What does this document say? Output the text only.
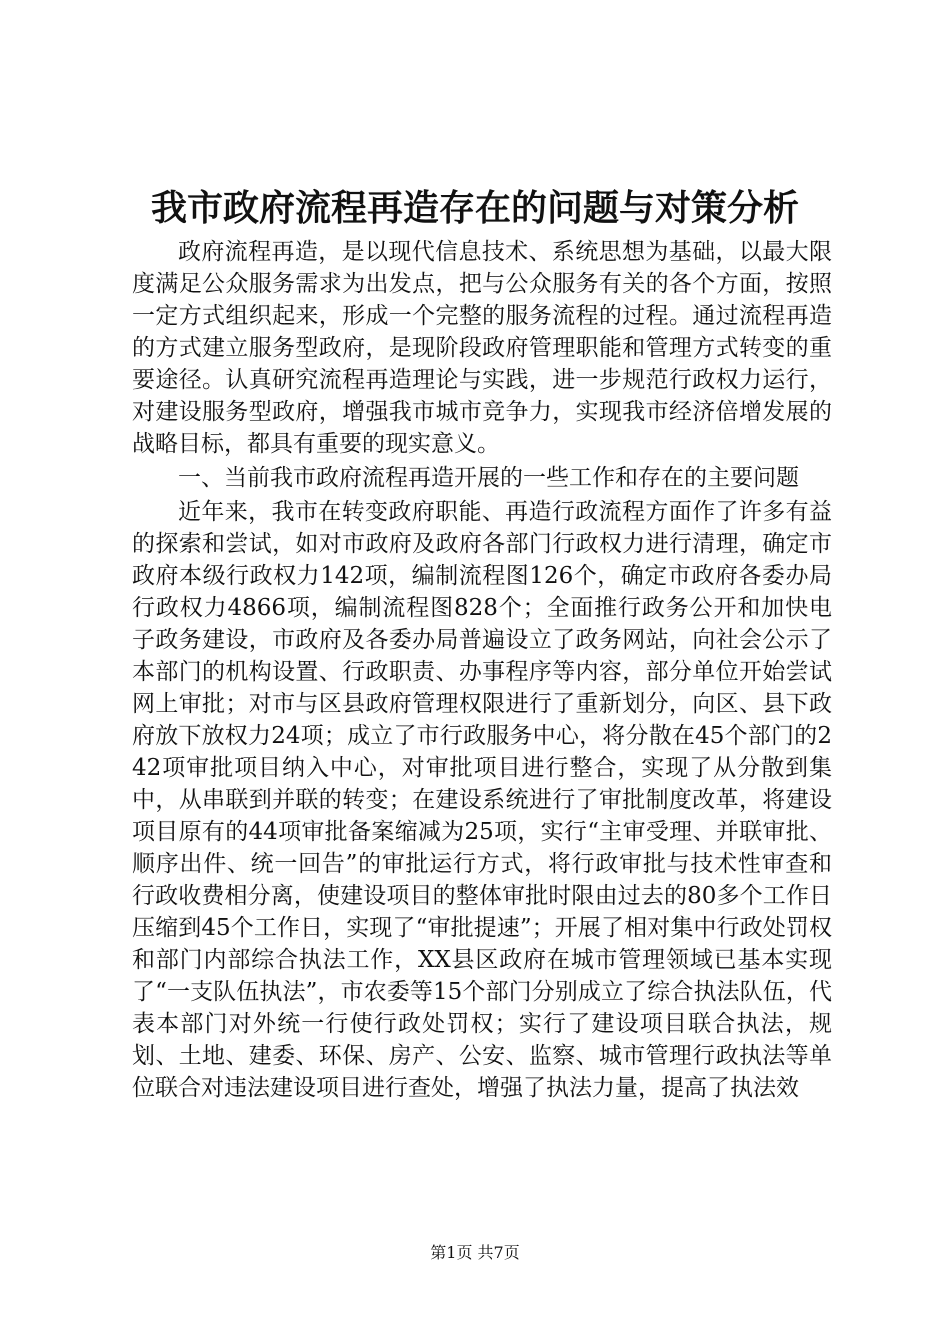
我市政府流程再造存在的问题与对策分析

政府流程再造，是以现代信息技术、系统思想为基础，以最大限度满足公众服务需求为出发点，把与公众服务有关的各个方面，按照一定方式组织起来，形成一个完整的服务流程的过程。通过流程再造的方式建立服务型政府，是现阶段政府管理职能和管理方式转变的重要途径。认真研究流程再造理论与实践，进一步规范行政权力运行，对建设服务型政府，增强我市城市竞争力，实现我市经济倍增发展的战略目标，都具有重要的现实意义。

一、当前我市政府流程再造开展的一些工作和存在的主要问题

近年来，我市在转变政府职能、再造行政流程方面作了许多有益的探索和尝试，如对市政府及政府各部门行政权力进行清理，确定市政府本级行政权力142项，编制流程图126个，确定市政府各委办局行政权力4866项，编制流程图828个；全面推行政务公开和加快电子政务建设，市政府及各委办局普遍设立了政务网站，向社会公示了本部门的机构设置、行政职责、办事程序等内容，部分单位开始尝试网上审批；对市与区县政府管理权限进行了重新划分，向区、县下政府放下放权力24项；成立了市行政服务中心，将分散在45个部门的242项审批项目纳入中心，对审批项目进行整合，实现了从分散到集中，从串联到并联的转变；在建设系统进行了审批制度改革，将建设项目原有的44项审批备案缩减为25项，实行“主审受理、并联审批、顺序出件、统一回告”的审批运行方式，将行政审批与技术性审查和行政收费相分离，使建设项目的整体审批时限由过去的80多个工作日压缩到45个工作日，实现了“审批提速”；开展了相对集中行政处罚权和部门内部综合执法工作，XX县区政府在城市管理领域已基本实现了“一支队伍执法”，市农委等15个部门分别成立了综合执法队伍，代表本部门对外统一行使行政处罚权；实行了建设项目联合执法，规划、土地、建委、环保、房产、公安、监察、城市管理行政执法等单位联合对违法建设项目进行查处，增强了执法力量，提高了执法效

第1页 共7页
